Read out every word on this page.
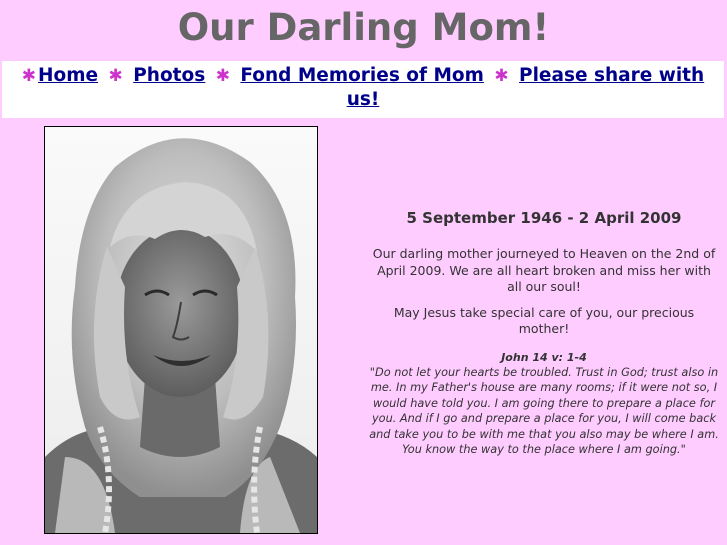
Our Darling Mom!
✱ Home ✱ Photos ✱ Fond Memories of Mom ✱ Please share with us!

5 September 1946 - 2 April 2009

Our darling mother journeyed to Heaven on the 2nd of April 2009. We are all heart broken and miss her with all our soul!

May Jesus take special care of you, our precious mother!

John 14 v: 1-4

"Do not let your hearts be troubled. Trust in God; trust also in me. In my Father's house are many rooms; if it were not so, I would have told you. I am going there to prepare a place for you. And if I go and prepare a place for you, I will come back and take you to be with me that you also may be where I am. You know the way to the place where I am going."
